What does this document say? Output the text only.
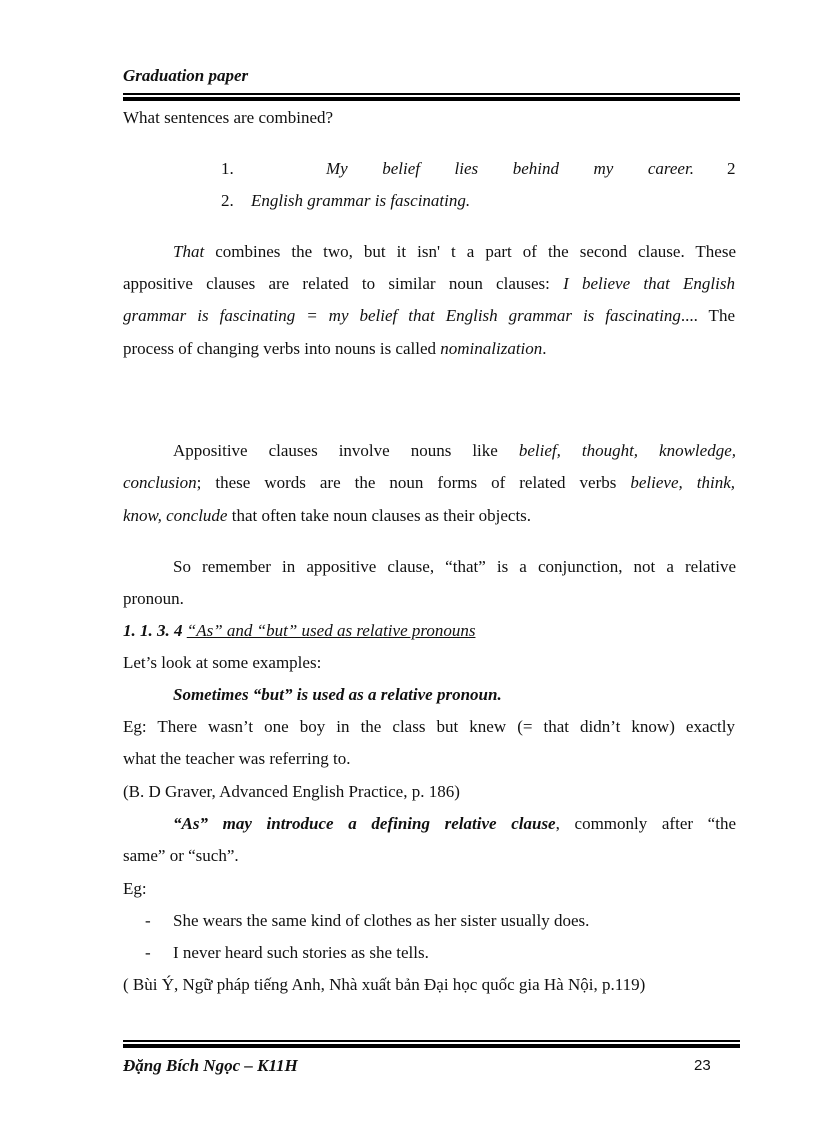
Graduation paper
What sentences are combined?
1.	My belief lies behind my career. 2
2. English grammar is fascinating.
That combines the two, but it isn' t a part of the second clause. These
appositive clauses are related to similar noun clauses: I believe that English
grammar is fascinating = my belief that English grammar is fascinating.... The
process of changing verbs into nouns is called nominalization.
Appositive clauses involve nouns like belief, thought, knowledge,
conclusion; these words are the noun forms of related verbs believe, think,
know, conclude that often take noun clauses as their objects.
So remember in appositive clause, “that” is a conjunction, not a relative
pronoun.
1. 1. 3. 4 “As” and “but” used as relative pronouns
Let’s look at some examples:
Sometimes “but” is used as a relative pronoun.
Eg: There wasn’t one boy in the class but knew (= that didn’t know) exactly
what the teacher was referring to.
(B. D Graver, Advanced English Practice, p. 186)
“As” may introduce a defining relative clause, commonly after “the
same” or “such”.
Eg:
- She wears the same kind of clothes as her sister usually does.
- I never heard such stories as she tells.
( Bùi Ý, Ngữ pháp tiếng Anh, Nhà xuất bản Đại học quốc gia Hà Nội, p.119)
Đặng Bích Ngọc – K11H	23
